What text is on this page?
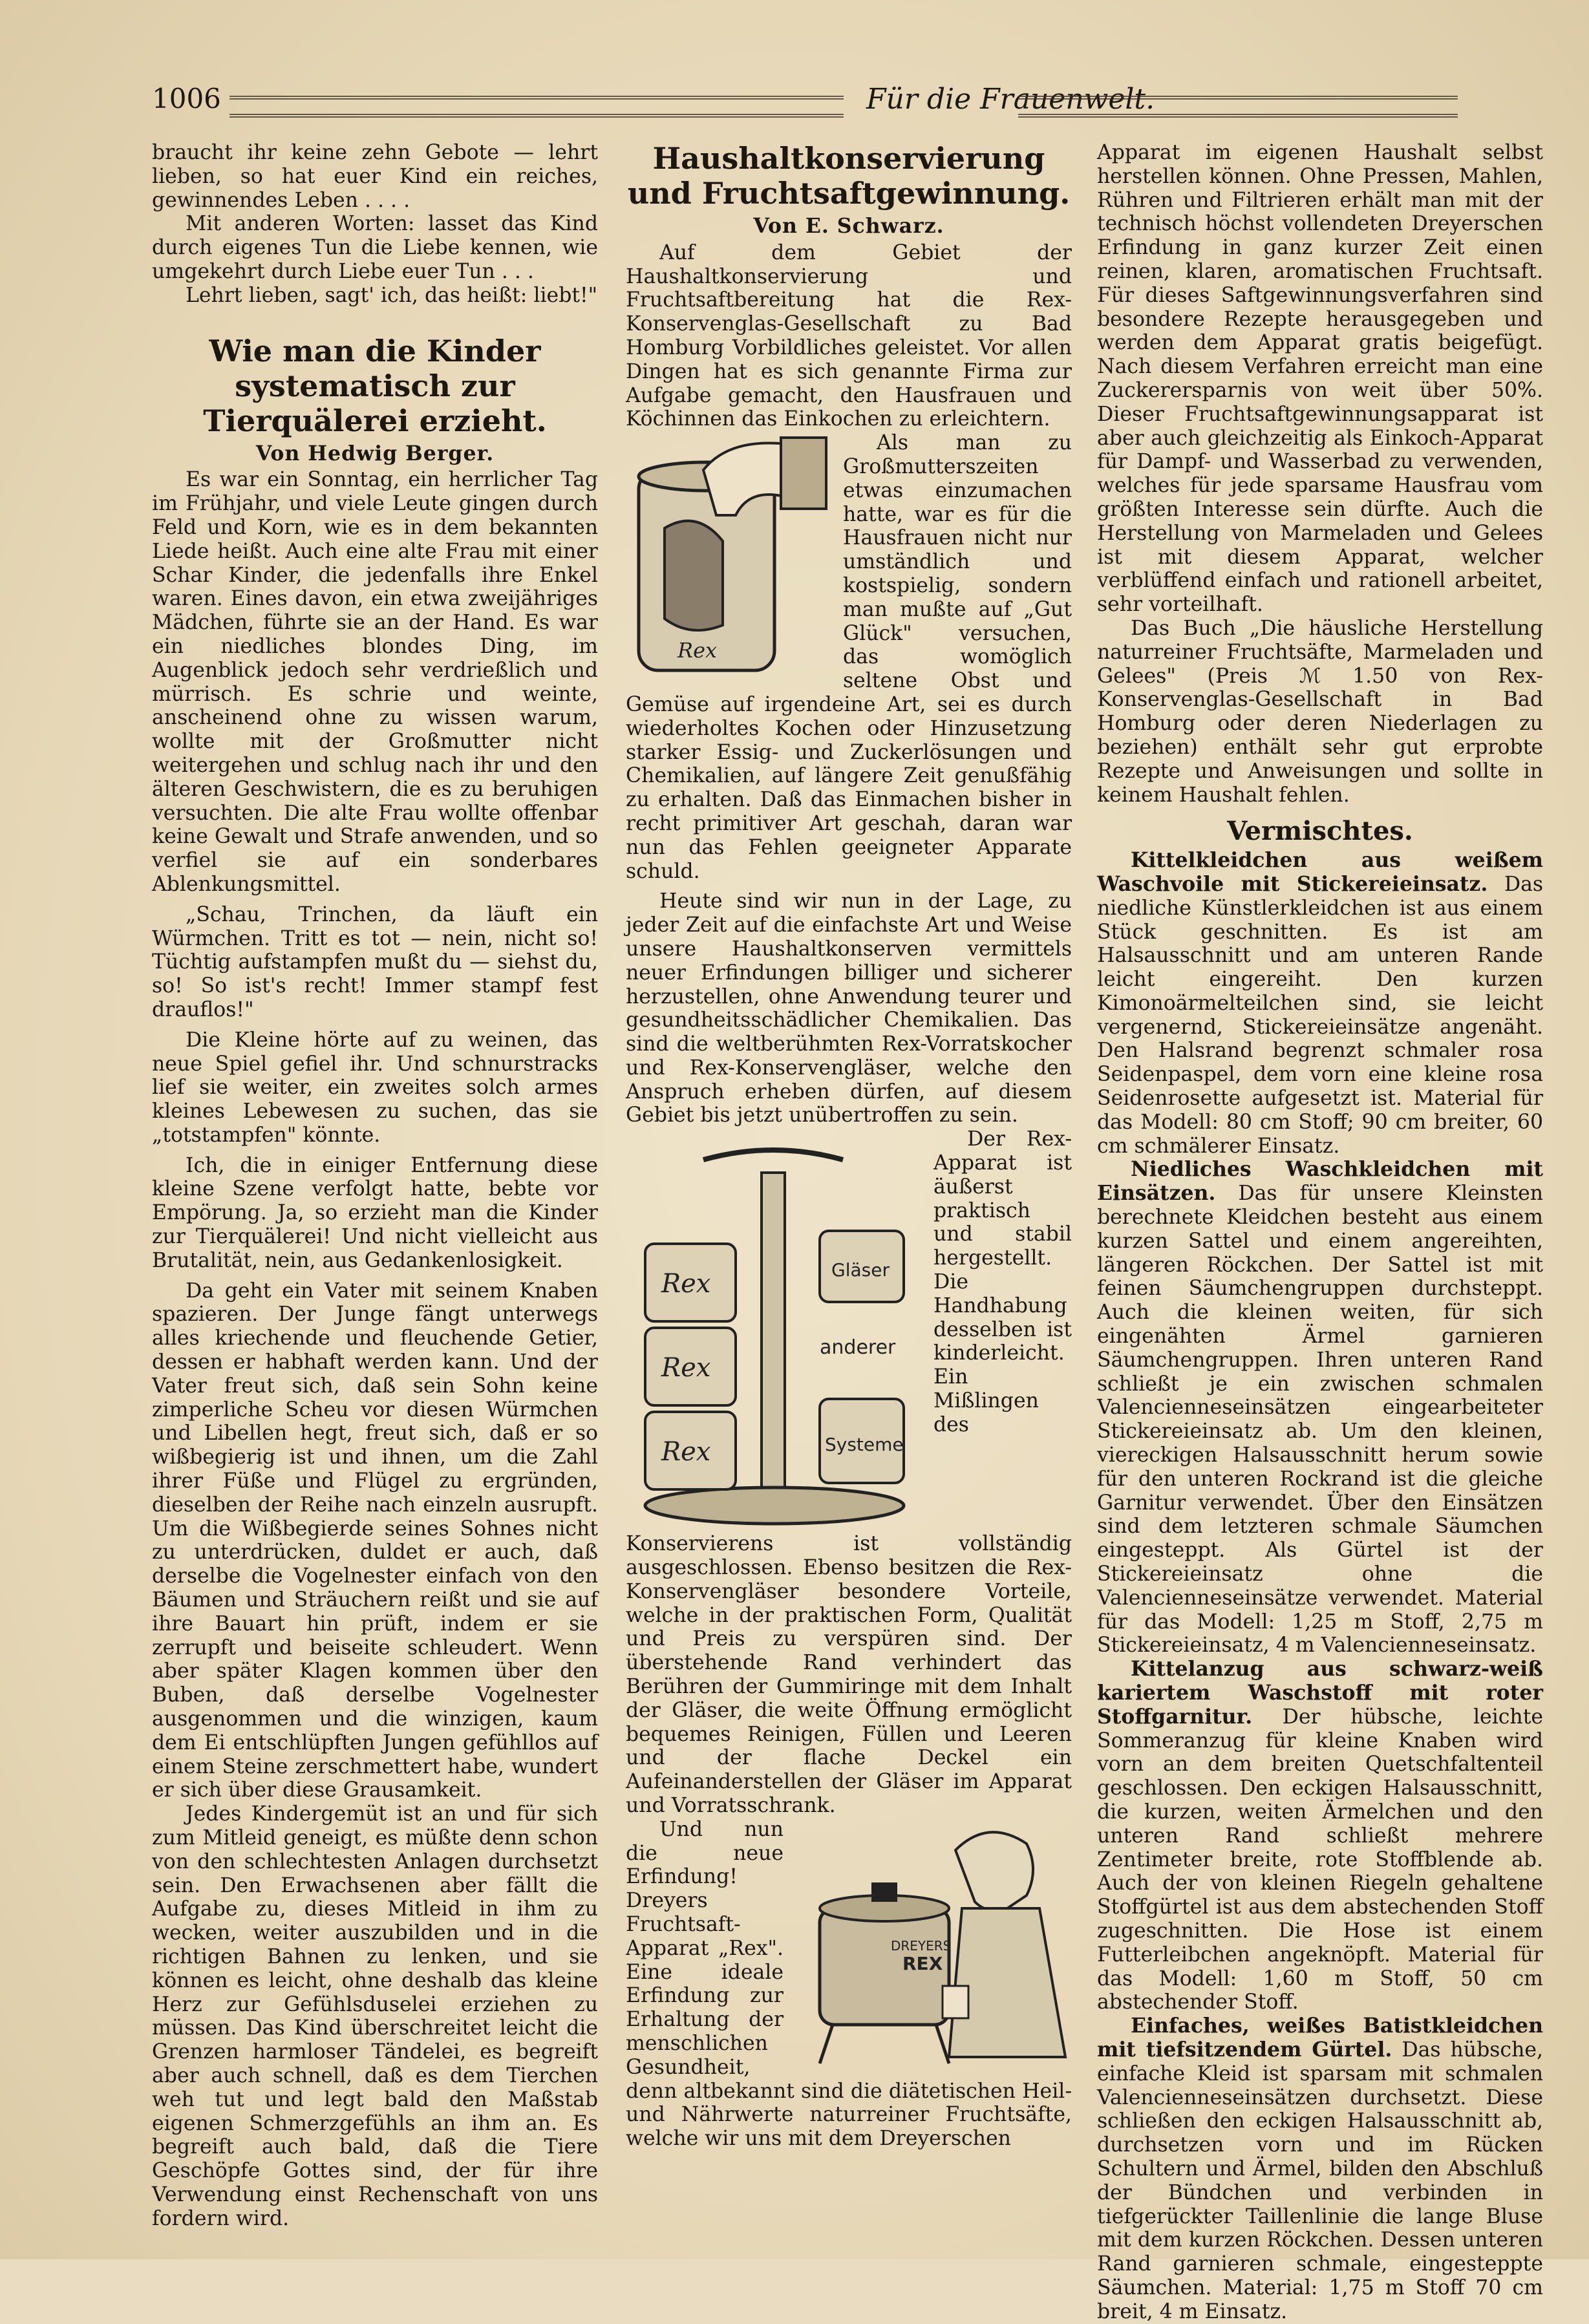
1006	Für die Frauenwelt.

braucht ihr keine zehn Gebote — lehrt lieben, so hat euer Kind ein reiches, gewinnendes Leben . . . .

Mit anderen Worten: lasset das Kind durch eigenes Tun die Liebe kennen, wie umgekehrt durch Liebe euer Tun . . .

Lehrt lieben, sagt' ich, das heißt: liebt!"

Wie man die Kinder systematisch zur Tierquälerei erzieht.
Von Hedwig Berger.

Es war ein Sonntag, ein herrlicher Tag im Frühjahr, und viele Leute gingen durch Feld und Korn, wie es in dem bekannten Liede heißt. Auch eine alte Frau mit einer Schar Kinder, die jedenfalls ihre Enkel waren. Eines davon, ein etwa zweijähriges Mädchen, führte sie an der Hand. Es war ein niedliches blondes Ding, im Augenblick jedoch sehr verdrießlich und mürrisch. Es schrie und weinte, anscheinend ohne zu wissen warum, wollte mit der Großmutter nicht weitergehen und schlug nach ihr und den älteren Geschwistern, die es zu beruhigen versuchten. Die alte Frau wollte offenbar keine Gewalt und Strafe anwenden, und so verfiel sie auf ein sonderbares Ablenkungsmittel.

„Schau, Trinchen, da läuft ein Würmchen. Tritt es tot — nein, nicht so! Tüchtig aufstampfen mußt du — siehst du, so! So ist's recht! Immer stampf fest drauflos!"

Die Kleine hörte auf zu weinen, das neue Spiel gefiel ihr. Und schnurstracks lief sie weiter, ein zweites solch armes kleines Lebewesen zu suchen, das sie „totstampfen" könnte.

Ich, die in einiger Entfernung diese kleine Szene verfolgt hatte, bebte vor Empörung. Ja, so erzieht man die Kinder zur Tierquälerei! Und nicht vielleicht aus Brutalität, nein, aus Gedankenlosigkeit.

Da geht ein Vater mit seinem Knaben spazieren. Der Junge fängt unterwegs alles kriechende und fleuchende Getier, dessen er habhaft werden kann. Und der Vater freut sich, daß sein Sohn keine zimperliche Scheu vor diesen Würmchen und Libellen hegt, freut sich, daß er so wißbegierig ist und ihnen, um die Zahl ihrer Füße und Flügel zu ergründen, dieselben der Reihe nach einzeln ausrupft. Um die Wißbegierde seines Sohnes nicht zu unterdrücken, duldet er auch, daß derselbe die Vogelnester einfach von den Bäumen und Sträuchern reißt und sie auf ihre Bauart hin prüft, indem er sie zerrupft und beiseite schleudert. Wenn aber später Klagen kommen über den Buben, daß derselbe Vogelnester ausgenommen und die winzigen, kaum dem Ei entschlüpften Jungen gefühllos auf einem Steine zerschmettert habe, wundert er sich über diese Grausamkeit.

Jedes Kindergemüt ist an und für sich zum Mitleid geneigt, es müßte denn schon von den schlechtesten Anlagen durchsetzt sein. Den Erwachsenen aber fällt die Aufgabe zu, dieses Mitleid in ihm zu wecken, weiter auszubilden und in die richtigen Bahnen zu lenken, und sie können es leicht, ohne deshalb das kleine Herz zur Gefühlsduselei erziehen zu müssen. Das Kind überschreitet leicht die Grenzen harmloser Tändelei, es begreift aber auch schnell, daß es dem Tierchen weh tut und legt bald den Maßstab eigenen Schmerzgefühls an ihm an. Es begreift auch bald, daß die Tiere Geschöpfe Gottes sind, der für ihre Verwendung einst Rechenschaft von uns fordern wird.

Haushaltkonservierung und Fruchtsaftgewinnung.
Von E. Schwarz.

Auf dem Gebiet der Haushaltkonservierung und Fruchtsaftbereitung hat die Rex-Konservenglas-Gesellschaft zu Bad Homburg Vorbildliches geleistet. Vor allen Dingen hat es sich genannte Firma zur Aufgabe gemacht, den Hausfrauen und Köchinnen das Einkochen zu erleichtern.

Rex

Als man zu Großmutterszeiten etwas einzumachen hatte, war es für die Hausfrauen nicht nur umständlich und kostspielig, sondern man mußte auf „Gut Glück" versuchen, das womöglich seltene Obst und Gemüse auf irgendeine Art, sei es durch wiederholtes Kochen oder Hinzusetzung starker Essig- und Zuckerlösungen und Chemikalien, auf längere Zeit genußfähig zu erhalten. Daß das Einmachen bisher in recht primitiver Art geschah, daran war nun das Fehlen geeigneter Apparate schuld.

Heute sind wir nun in der Lage, zu jeder Zeit auf die einfachste Art und Weise unsere Haushaltkonserven vermittels neuer Erfindungen billiger und sicherer herzustellen, ohne Anwendung teurer und gesundheitsschädlicher Chemikalien. Das sind die weltberühmten Rex-Vorratskocher und Rex-Konservengläser, welche den Anspruch erheben dürfen, auf diesem Gebiet bis jetzt unübertroffen zu sein.

Rex
Rex
Rex
Gläser
anderer
Systeme

Der Rex-Apparat ist äußerst praktisch und stabil hergestellt. Die Handhabung desselben ist kinderleicht. Ein Mißlingen des Konservierens ist vollständig ausgeschlossen. Ebenso besitzen die Rex-Konservengläser besondere Vorteile, welche in der praktischen Form, Qualität und Preis zu verspüren sind. Der überstehende Rand verhindert das Berühren der Gummiringe mit dem Inhalt der Gläser, die weite Öffnung ermöglicht bequemes Reinigen, Füllen und Leeren und der flache Deckel ein Aufeinanderstellen der Gläser im Apparat und Vorratsschrank.

DREYERS
REX

Und nun die neue Erfindung! Dreyers Fruchtsaft-Apparat „Rex". Eine ideale Erfindung zur Erhaltung der menschlichen Gesundheit, denn altbekannt sind die diätetischen Heil- und Nährwerte naturreiner Fruchtsäfte, welche wir uns mit dem Dreyerschen

Apparat im eigenen Haushalt selbst herstellen können. Ohne Pressen, Mahlen, Rühren und Filtrieren erhält man mit der technisch höchst vollendeten Dreyerschen Erfindung in ganz kurzer Zeit einen reinen, klaren, aromatischen Fruchtsaft. Für dieses Saftgewinnungsverfahren sind besondere Rezepte herausgegeben und werden dem Apparat gratis beigefügt. Nach diesem Verfahren erreicht man eine Zuckerersparnis von weit über 50%. Dieser Fruchtsaftgewinnungsapparat ist aber auch gleichzeitig als Einkoch-Apparat für Dampf- und Wasserbad zu verwenden, welches für jede sparsame Hausfrau vom größten Interesse sein dürfte. Auch die Herstellung von Marmeladen und Gelees ist mit diesem Apparat, welcher verblüffend einfach und rationell arbeitet, sehr vorteilhaft.

Das Buch „Die häusliche Herstellung naturreiner Fruchtsäfte, Marmeladen und Gelees" (Preis ℳ 1.50 von Rex-Konservenglas-Gesellschaft in Bad Homburg oder deren Niederlagen zu beziehen) enthält sehr gut erprobte Rezepte und Anweisungen und sollte in keinem Haushalt fehlen.

Vermischtes.

Kittelkleidchen aus weißem Waschvoile mit Stickereieinsatz. Das niedliche Künstlerkleidchen ist aus einem Stück geschnitten. Es ist am Halsausschnitt und am unteren Rande leicht eingereiht. Den kurzen Kimonoärmelteilchen sind, sie leicht vergenernd, Stickereieinsätze angenäht. Den Halsrand begrenzt schmaler rosa Seidenpaspel, dem vorn eine kleine rosa Seidenrosette aufgesetzt ist. Material für das Modell: 80 cm Stoff; 90 cm breiter, 60 cm schmälerer Einsatz.

Niedliches Waschkleidchen mit Einsätzen. Das für unsere Kleinsten berechnete Kleidchen besteht aus einem kurzen Sattel und einem angereihten, längeren Röckchen. Der Sattel ist mit feinen Säumchengruppen durchsteppt. Auch die kleinen weiten, für sich eingenähten Ärmel garnieren Säumchengruppen. Ihren unteren Rand schließt je ein zwischen schmalen Valenciennesеinsätzen eingearbeiteter Stickereieinsatz ab. Um den kleinen, viereckigen Halsausschnitt herum sowie für den unteren Rockrand ist die gleiche Garnitur verwendet. Über den Einsätzen sind dem letzteren schmale Säumchen eingesteppt. Als Gürtel ist der Stickereieinsatz ohne die Valenciennesеinsätze verwendet. Material für das Modell: 1,25 m Stoff, 2,75 m Stickereieinsatz, 4 m Valenciennesеinsatz.

Kittelanzug aus schwarz-weiß kariertem Waschstoff mit roter Stoffgarnitur. Der hübsche, leichte Sommeranzug für kleine Knaben wird vorn an dem breiten Quetschfaltenteil geschlossen. Den eckigen Halsausschnitt, die kurzen, weiten Ärmelchen und den unteren Rand schließt mehrere Zentimeter breite, rote Stoffblende ab. Auch der von kleinen Riegeln gehaltene Stoffgürtel ist aus dem abstechenden Stoff zugeschnitten. Die Hose ist einem Futterleibchen angeknöpft. Material für das Modell: 1,60 m Stoff, 50 cm abstechender Stoff.

Einfaches, weißes Batistkleidchen mit tiefsitzendem Gürtel. Das hübsche, einfache Kleid ist sparsam mit schmalen Valenciennesеinsätzen durchsetzt. Diese schließen den eckigen Halsausschnitt ab, durchsetzen vorn und im Rücken Schultern und Ärmel, bilden den Abschluß der Bündchen und verbinden in tiefgerückter Taillenlinie die lange Bluse mit dem kurzen Röckchen. Dessen unteren Rand garnieren schmale, eingesteppte Säumchen. Material: 1,75 m Stoff 70 cm breit, 4 m Einsatz.
